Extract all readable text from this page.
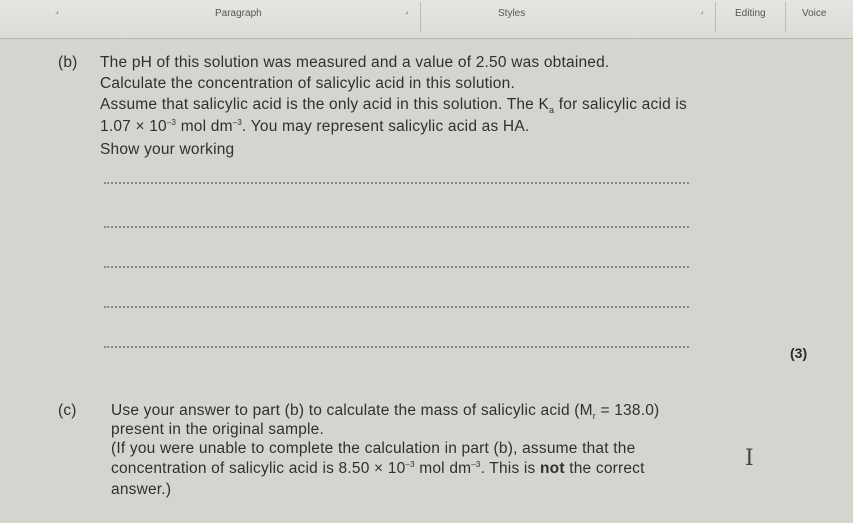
⌟	Paragraph	⌟	Styles	⌟	Editing	Voice
(b) The pH of this solution was measured and a value of 2.50 was obtained.
Calculate the concentration of salicylic acid in this solution.
Assume that salicylic acid is the only acid in this solution. The $K_a$ for salicylic acid is
$1.07 \times 10^{-3}$ mol $dm^{-3}$. You may represent salicylic acid as HA.
Show your working
(3)
(c) Use your answer to part (b) to calculate the mass of salicylic acid $(M_r = 138.0)$
present in the original sample.
(If you were unable to complete the calculation in part (b), assume that the
concentration of salicylic acid is $8.50 \times 10^{-3}$ mol $dm^{-3}$. This is not the correct
answer.)
I
